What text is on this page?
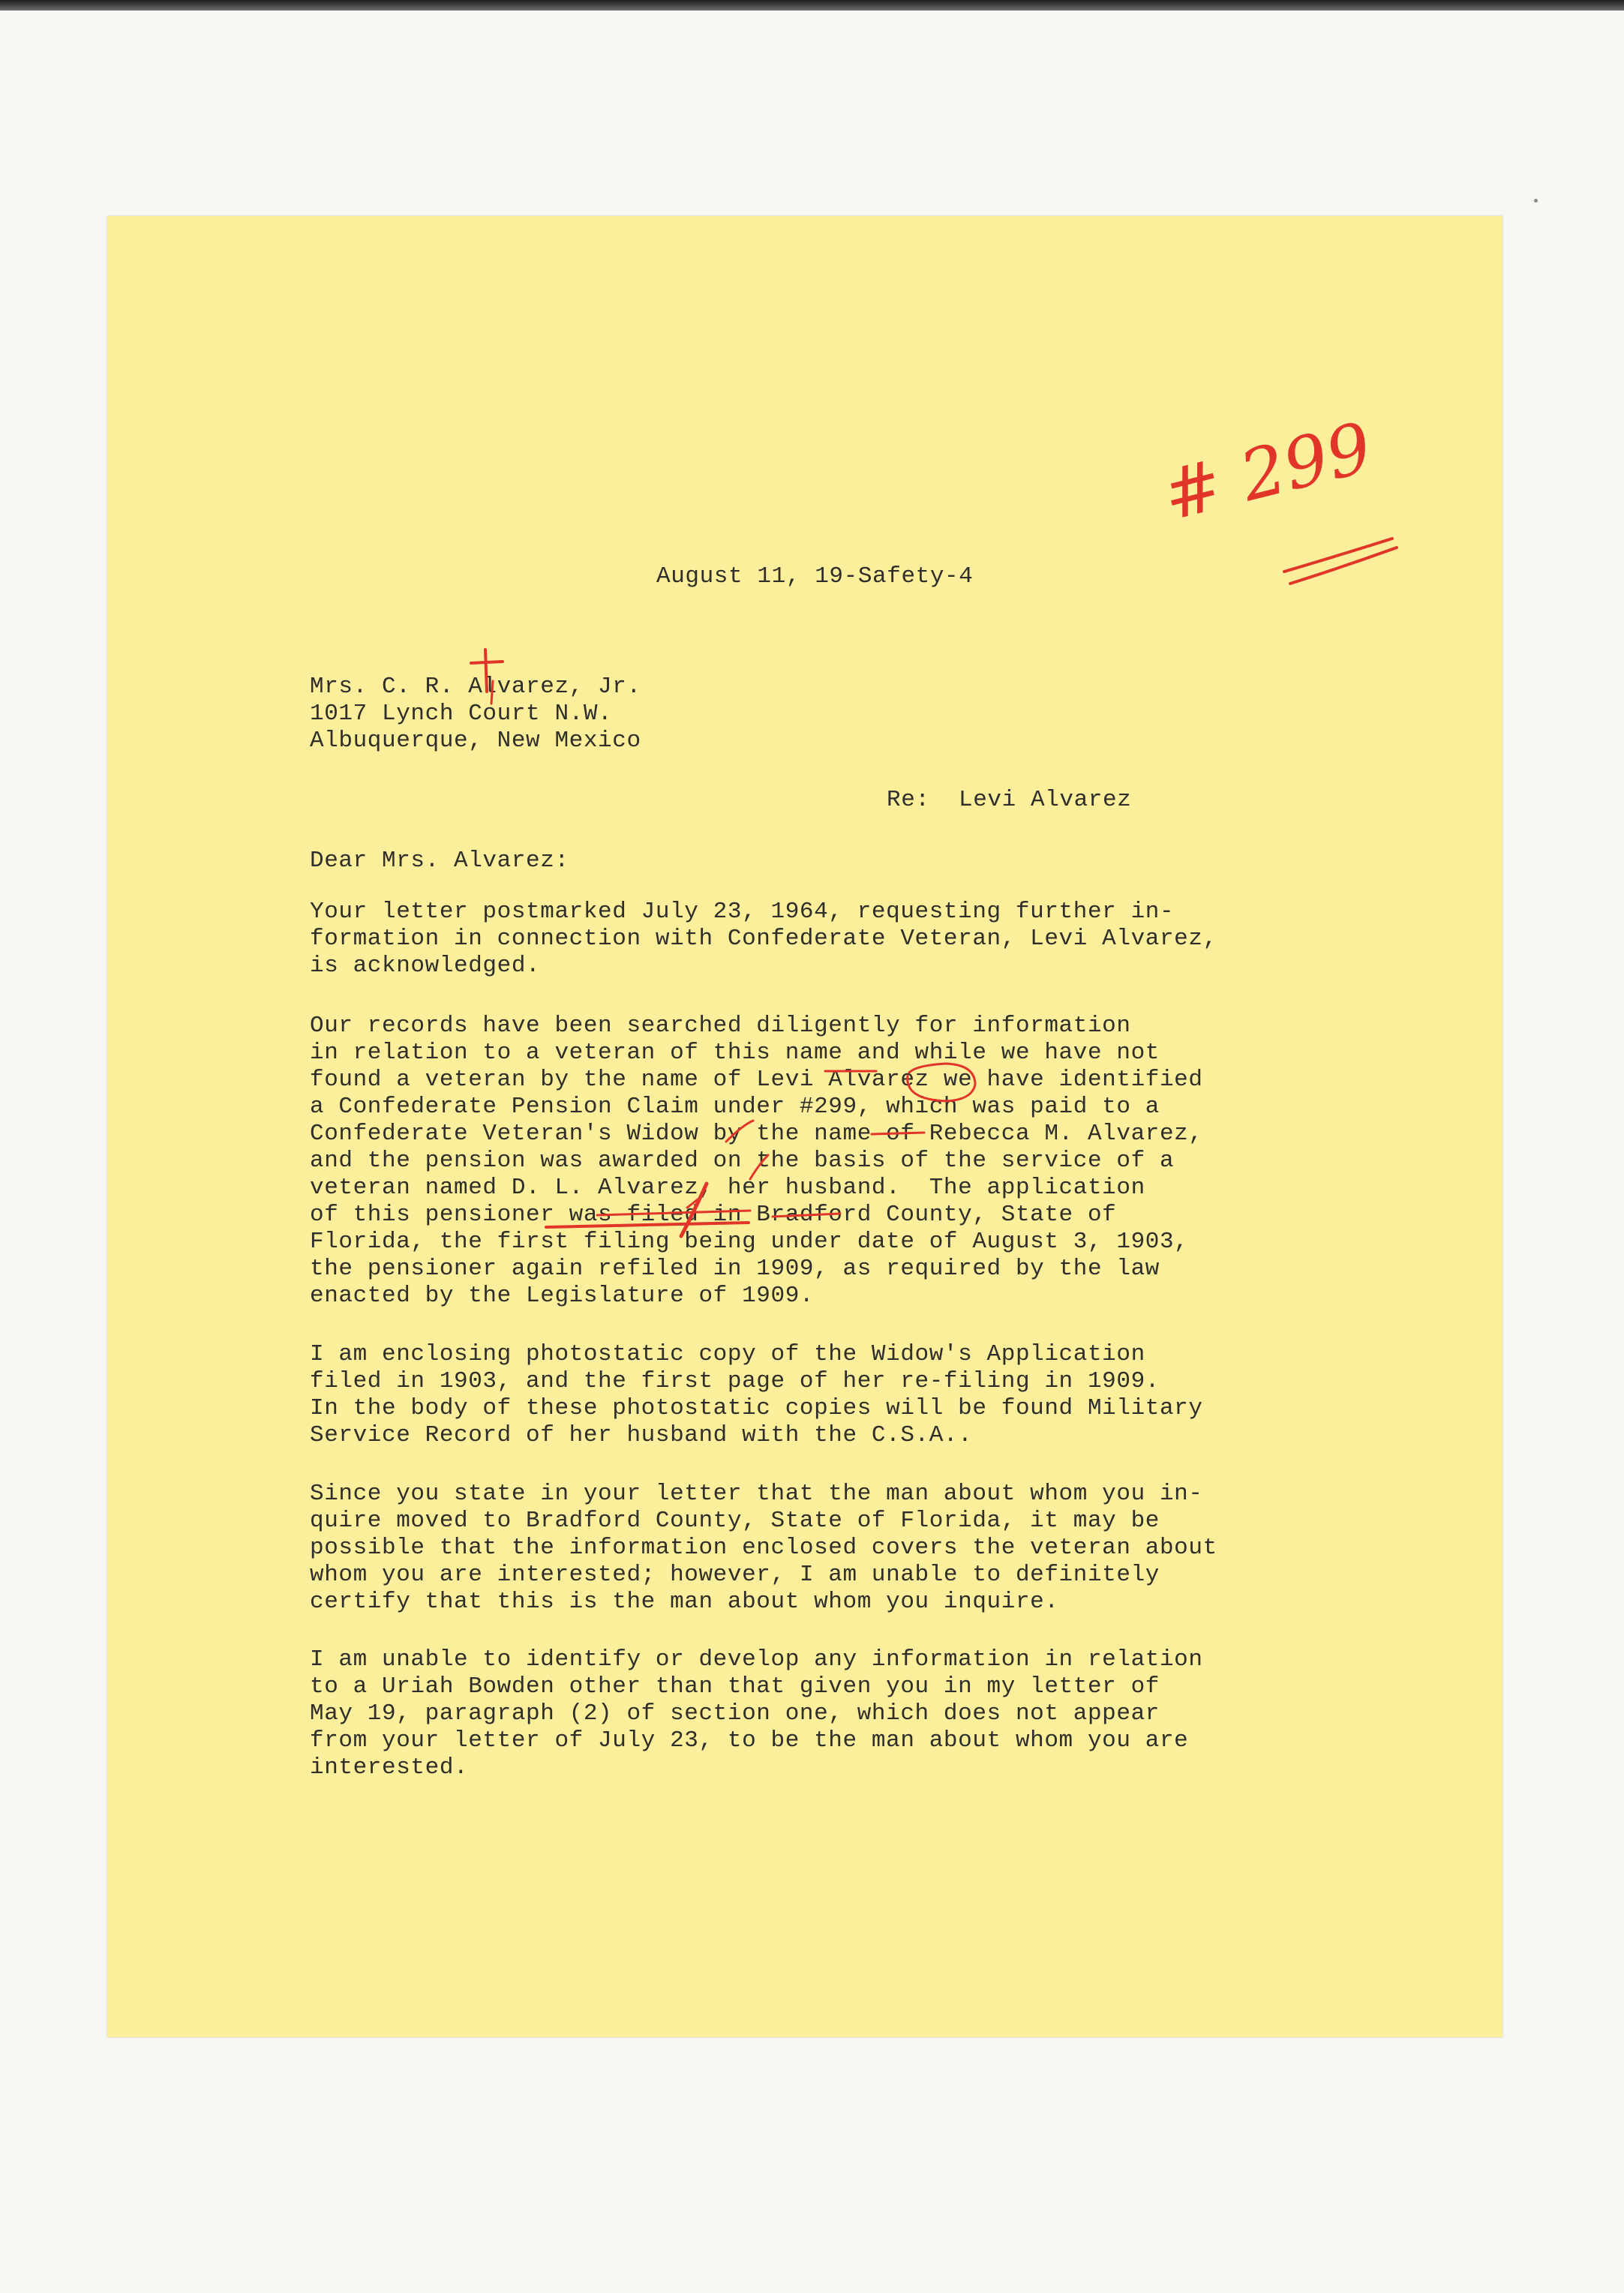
August 11, 19-Safety-4
Mrs. C. R. Alvarez, Jr.
1017 Lynch Court N.W.
Albuquerque, New Mexico
Re:  Levi Alvarez
Dear Mrs. Alvarez:
Your letter postmarked July 23, 1964, requesting further in-
formation in connection with Confederate Veteran, Levi Alvarez,
is acknowledged.
Our records have been searched diligently for information
in relation to a veteran of this name and while we have not
found a veteran by the name of Levi Alvarez we have identified
a Confederate Pension Claim under #299, which was paid to a
Confederate Veteran's Widow by the name of Rebecca M. Alvarez,
and the pension was awarded on the basis of the service of a
veteran named D. L. Alvarez, her husband.  The application
of this pensioner was filed in Bradford County, State of
Florida, the first filing being under date of August 3, 1903,
the pensioner again refiled in 1909, as required by the law
enacted by the Legislature of 1909.
I am enclosing photostatic copy of the Widow's Application
filed in 1903, and the first page of her re-filing in 1909.
In the body of these photostatic copies will be found Military
Service Record of her husband with the C.S.A..
Since you state in your letter that the man about whom you in-
quire moved to Bradford County, State of Florida, it may be
possible that the information enclosed covers the veteran about
whom you are interested; however, I am unable to definitely
certify that this is the man about whom you inquire.
I am unable to identify or develop any information in relation
to a Uriah Bowden other than that given you in my letter of
May 19, paragraph (2) of section one, which does not appear
from your letter of July 23, to be the man about whom you are
interested.
# 299
